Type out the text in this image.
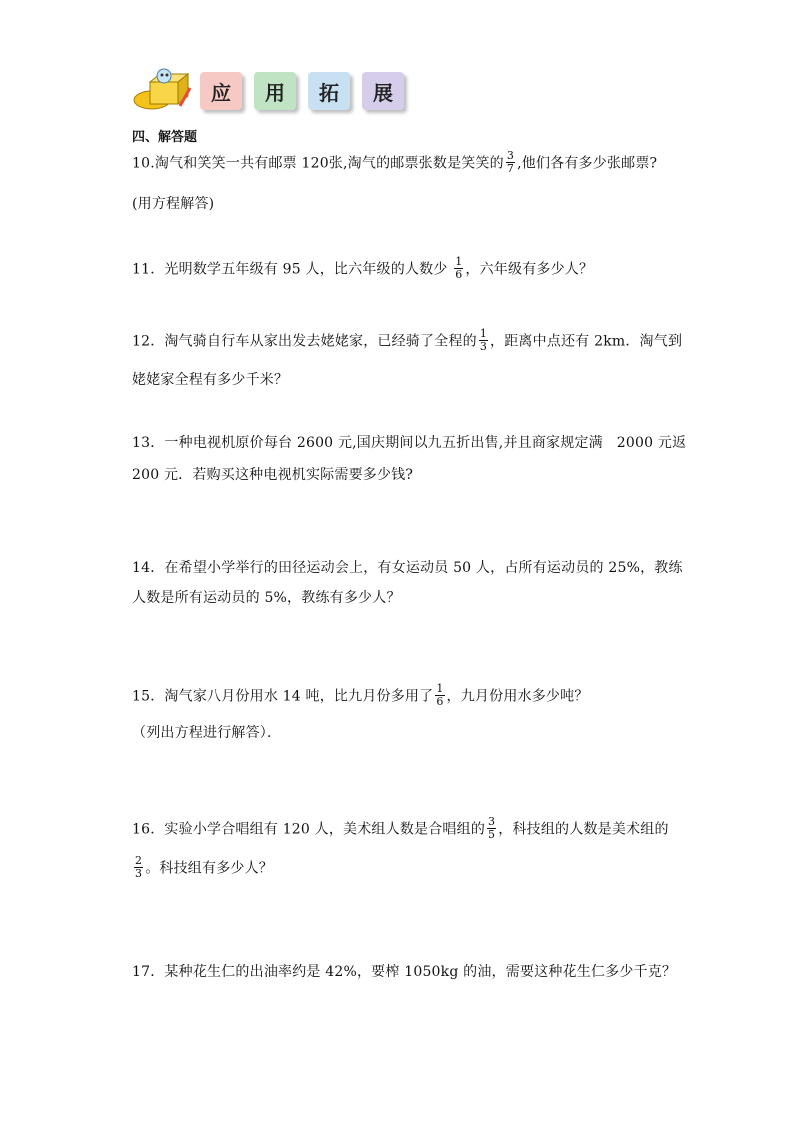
应	用	拓	展
四、解答题
10.淘气和笑笑一共有邮票 120张,淘气的邮票张数是笑笑的 $\frac{3}{7}$ ,他们各有多少张邮票?
(用方程解答)
11．光明数学五年级有 95 人，比六年级的人数少 $\frac{1}{6}$ ，六年级有多少人？
12．淘气骑自行车从家出发去姥姥家，已经骑了全程的 $\frac{1}{3}$ ，距离中点还有 2km．淘气到
姥姥家全程有多少千米？
13．一种电视机原价每台 2600 元,国庆期间以九五折出售,并且商家规定满   2000 元返
200 元．若购买这种电视机实际需要多少钱?
14．在希望小学举行的田径运动会上，有女运动员 50 人，占所有运动员的 25%，教练
人数是所有运动员的 5%，教练有多少人？
15．淘气家八月份用水 14 吨，比九月份多用了 $\frac{1}{6}$ ，九月份用水多少吨？
（列出方程进行解答）．
16．实验小学合唱组有 120 人，美术组人数是合唱组的 $\frac{3}{5}$ ，科技组的人数是美术组的
$\frac{2}{3}$ 。科技组有多少人？
17．某种花生仁的出油率约是 42%，要榨 1050kg 的油，需要这种花生仁多少千克？
